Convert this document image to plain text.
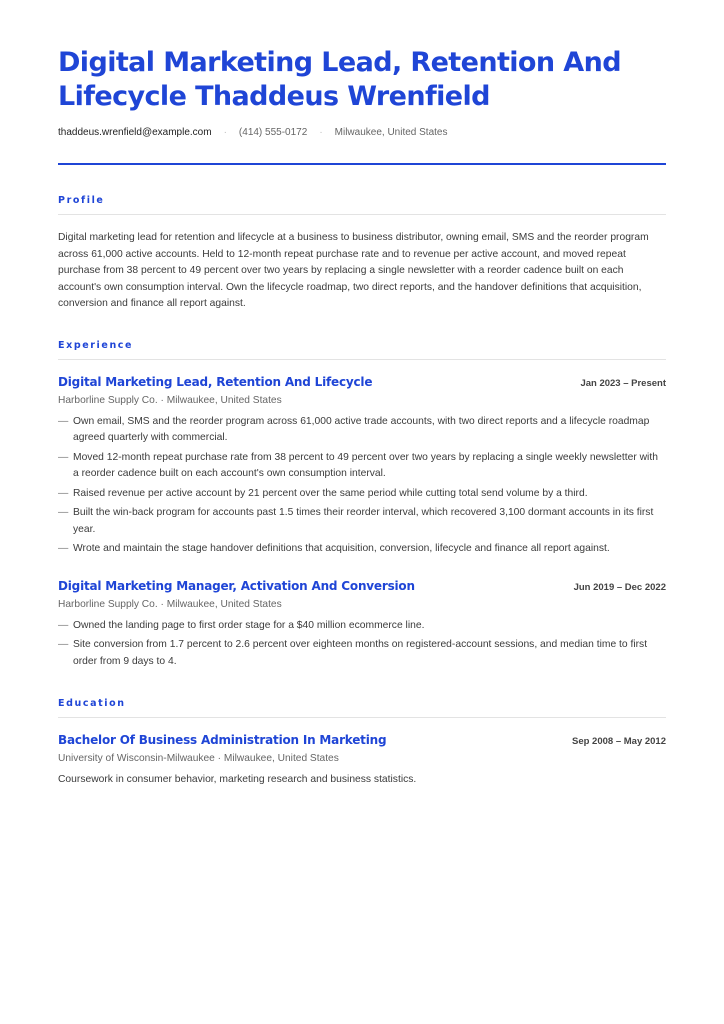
Digital Marketing Lead, Retention And Lifecycle Thaddeus Wrenfield
thaddeus.wrenfield@example.com · (414) 555-0172 · Milwaukee, United States
Profile

Digital marketing lead for retention and lifecycle at a business to business distributor, owning email, SMS and the reorder program across 61,000 active accounts. Held to 12-month repeat purchase rate and to revenue per active account, and moved repeat purchase from 38 percent to 49 percent over two years by replacing a single newsletter with a reorder cadence built on each account's own consumption interval. Own the lifecycle roadmap, two direct reports, and the handover definitions that acquisition, conversion and finance all report against.

Experience
Digital Marketing Lead, Retention And Lifecycle	Jan 2023 – Present
Harborline Supply Co. · Milwaukee, United States
— Own email, SMS and the reorder program across 61,000 active trade accounts, with two direct reports and a lifecycle roadmap agreed quarterly with commercial.
— Moved 12-month repeat purchase rate from 38 percent to 49 percent over two years by replacing a single weekly newsletter with a reorder cadence built on each account's own consumption interval.
— Raised revenue per active account by 21 percent over the same period while cutting total send volume by a third.
— Built the win-back program for accounts past 1.5 times their reorder interval, which recovered 3,100 dormant accounts in its first year.
— Wrote and maintain the stage handover definitions that acquisition, conversion, lifecycle and finance all report against.
Digital Marketing Manager, Activation And Conversion	Jun 2019 – Dec 2022
Harborline Supply Co. · Milwaukee, United States
— Owned the landing page to first order stage for a $40 million ecommerce line.
— Site conversion from 1.7 percent to 2.6 percent over eighteen months on registered-account sessions, and median time to first order from 9 days to 4.
Education
Bachelor Of Business Administration In Marketing	Sep 2008 – May 2012
University of Wisconsin-Milwaukee · Milwaukee, United States
Coursework in consumer behavior, marketing research and business statistics.
